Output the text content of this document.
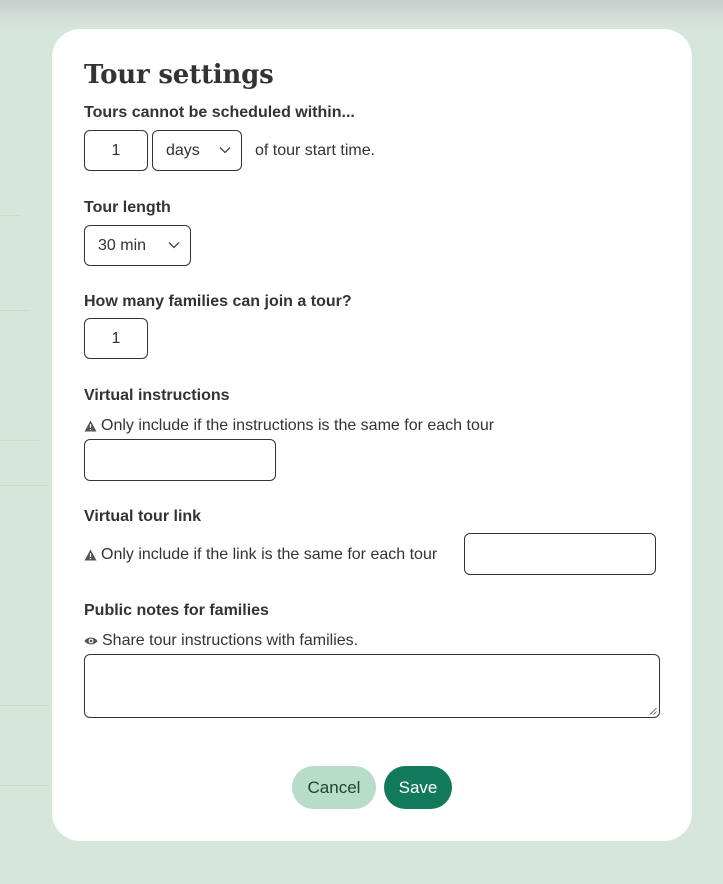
Tour settings
Tours cannot be scheduled within...
1	days	of tour start time.
Tour length
30 min
How many families can join a tour?
1
Virtual instructions
Only include if the instructions is the same for each tour
Virtual tour link
Only include if the link is the same for each tour
Public notes for families
Share tour instructions with families.
Cancel	Save
